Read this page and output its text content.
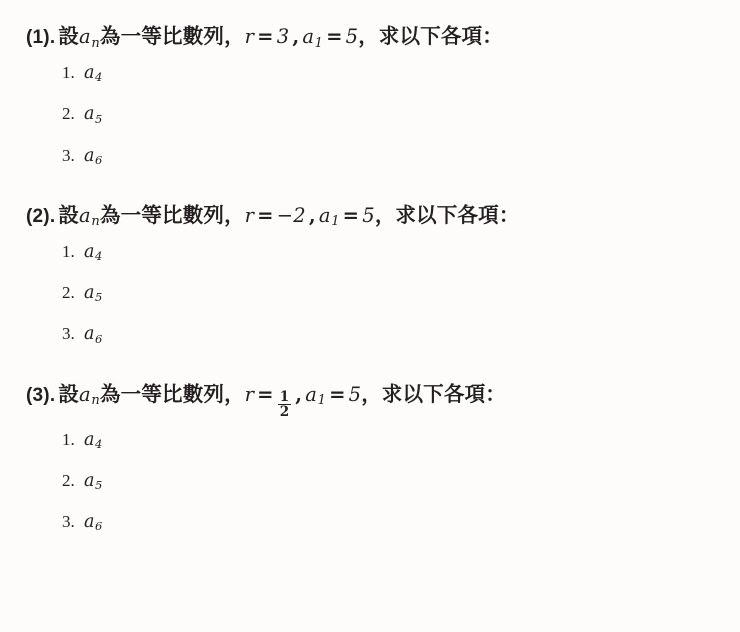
(1). 設 $a_n$ 為一等比數列 ， r = 3 , $a_1 = 5$ ， 求以下各項：
1. $a_4$
2. $a_5$
3. $a_6$
(2). 設 $a_n$ 為一等比數列 ， r = −2 , $a_1 = 5$ ， 求以下各項：
1. $a_4$
2. $a_5$
3. $a_6$
(3). 設 $a_n$ 為一等比數列 ， $r = \frac{1}{2}$ , $a_1 = 5$ ， 求以下各項：
1. $a_4$
2. $a_5$
3. $a_6$
